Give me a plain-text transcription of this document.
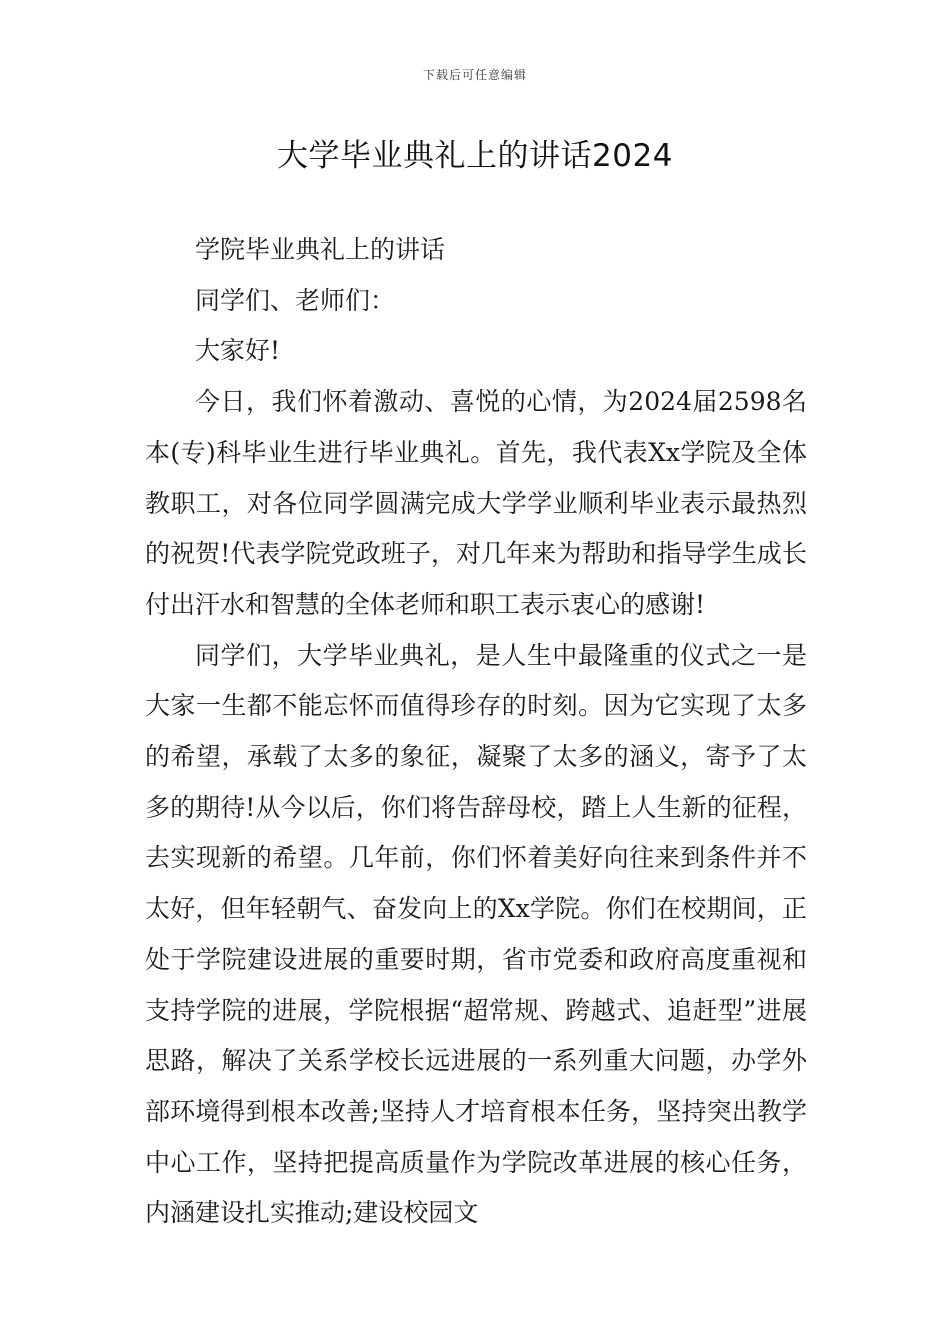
下载后可任意编辑
大学毕业典礼上的讲话2024

学院毕业典礼上的讲话

同学们、老师们：

大家好!

今日，我们怀着激动、喜悦的心情，为2024届2598名本(专)科毕业生进行毕业典礼。首先，我代表Xx学院及全体教职工，对各位同学圆满完成大学学业顺利毕业表示最热烈的祝贺!代表学院党政班子，对几年来为帮助和指导学生成长付出汗水和智慧的全体老师和职工表示衷心的感谢!

同学们，大学毕业典礼，是人生中最隆重的仪式之一是大家一生都不能忘怀而值得珍存的时刻。因为它实现了太多的希望，承载了太多的象征，凝聚了太多的涵义，寄予了太多的期待!从今以后，你们将告辞母校，踏上人生新的征程，去实现新的希望。几年前，你们怀着美好向往来到条件并不太好，但年轻朝气、奋发向上的Xx学院。你们在校期间，正处于学院建设进展的重要时期，省市党委和政府高度重视和支持学院的进展，学院根据“超常规、跨越式、追赶型”进展思路，解决了关系学校长远进展的一系列重大问题，办学外部环境得到根本改善;坚持人才培育根本任务，坚持突出教学中心工作，坚持把提高质量作为学院改革进展的核心任务，内涵建设扎实推动;建设校园文
